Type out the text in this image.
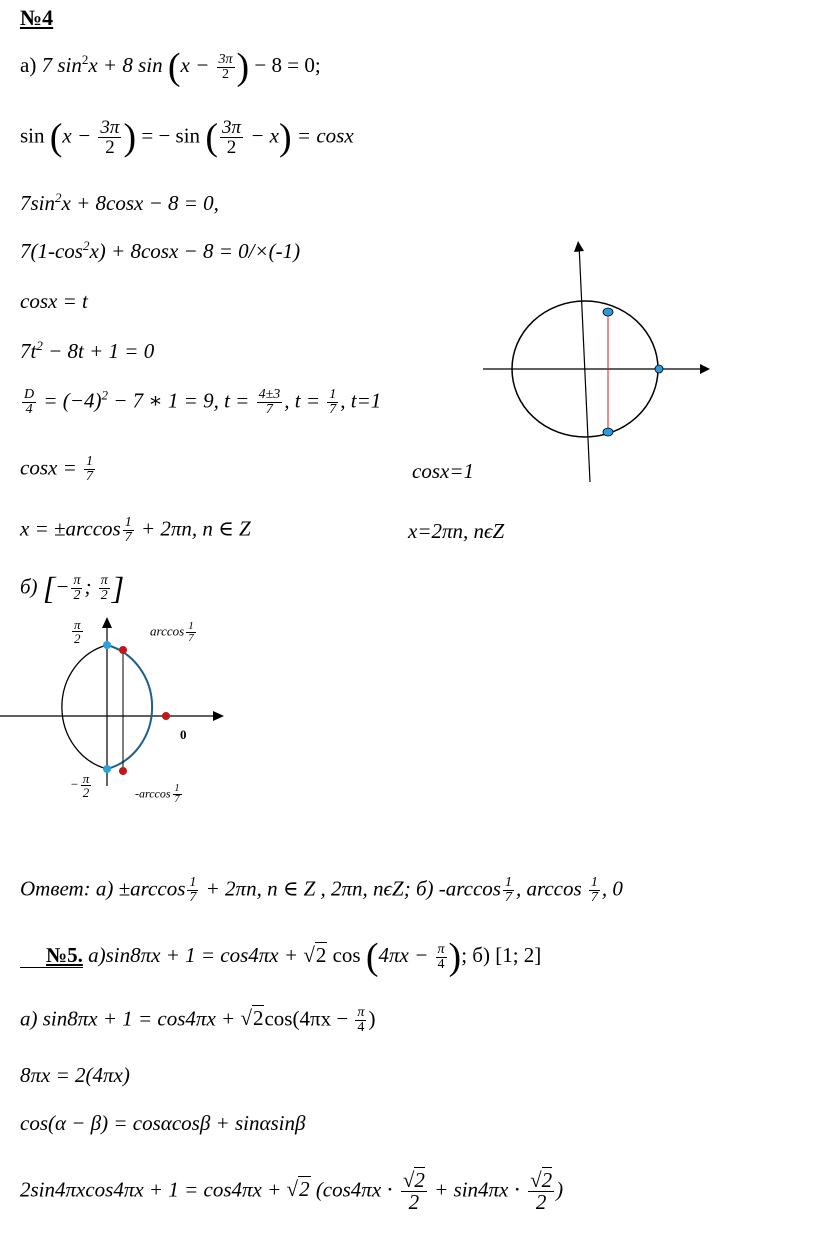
№4
а) 7 $\sin^2x + 8$ $\sin (x - \frac{3\pi}{2}$ ) − 8 = 0;
$\sin (x - \frac{3\pi}{2}$ ) = − sin ( $\frac{3\pi}{2} - x) = \cos x$
$7\sin^2x + 8\cos x - 8 = 0$,
$7(1-\cos^2x) + 8\cos x - 8 = 0/\times(-1)$
cosx = t
$7t^2 - 8t + 1 = 0$
$\frac{D}{4} = (-4)^2 - 7$ ∗ 1 = 9, $t = \frac{4\pm 3}{7}$ , $t = \frac{1}{7}$ , t=1
$\cos x = \frac{1}{7}$	cosx=1
$x = \pm\arccos \frac{1}{7} + 2\pi n$, n ∈ Z	x=2πn, nϵZ
б) [− $\frac{\pi}{2}$ ; $\frac{\pi}{2}$ ]
$\frac{\pi}{2}$	$\arccos \frac{1}{7}$
0
− $\frac{\pi}{2}$	$-\arccos \frac{1}{7}$
Ответ: $а) \pm\arccos \frac{1}{7} + 2\pi n$, n ∈ Z , 2πn, nϵZ; б) $-\arccos \frac{1}{7}$ , $\arccos \frac{1}{7}$ , 0
№5. а)sin8πx + 1 = cos4πx + √2 $\cos (4\pi x - \frac{\pi}{4}$ ); б) [1; 2]
а) $\sin 8\pi x + 1 = \cos 4\pi x + √2\cos(4\pi x - \frac{\pi}{4}$ )
8πx = 2(4πx)
cos(α − β) = cosαcosβ + sinαsinβ
2sin4πxcos4πx + 1 = cos4πx + √2 ($\cos 4\pi x \cdot \frac{√2}{2} + \sin 4\pi x \cdot \frac{√2}{2}$ )
